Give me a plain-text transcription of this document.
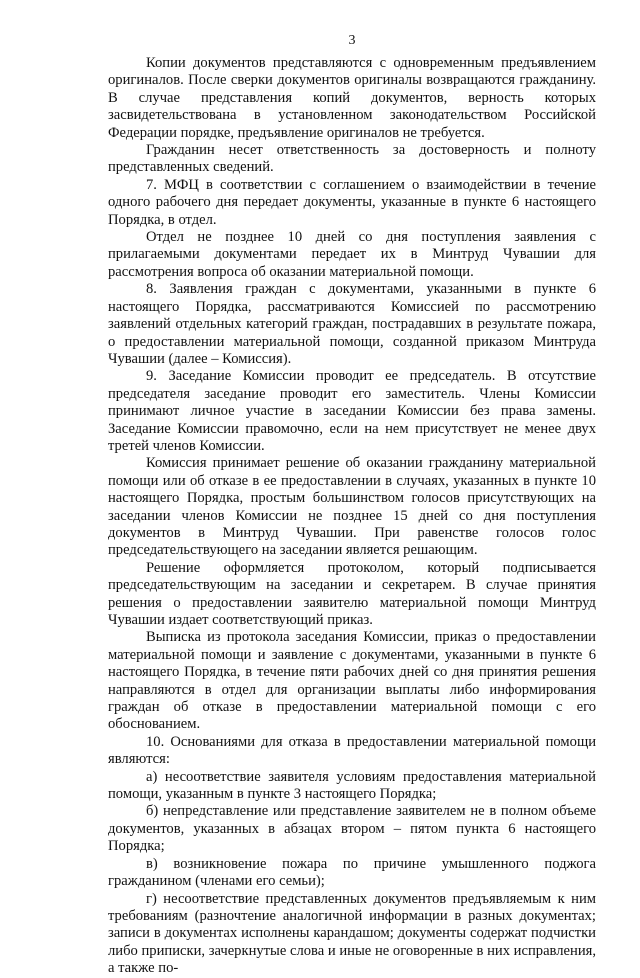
3

Копии документов представляются с одновременным предъявлением оригиналов. После сверки документов оригиналы возвращаются гражданину. В случае представления копий документов, верность которых засвидетельствована в установленном законодательством Российской Федерации порядке, предъявление оригиналов не требуется.

Гражданин несет ответственность за достоверность и полноту представленных сведений.

7. МФЦ в соответствии с соглашением о взаимодействии в течение одного рабочего дня передает документы, указанные в пункте 6 настоящего Порядка, в отдел.

Отдел не позднее 10 дней со дня поступления заявления с прилагаемыми документами передает их в Минтруд Чувашии для рассмотрения вопроса об оказании материальной помощи.

8. Заявления граждан с документами, указанными в пункте 6 настоящего Порядка, рассматриваются Комиссией по рассмотрению заявлений отдельных категорий граждан, пострадавших в результате пожара, о предоставлении материальной помощи, созданной приказом Минтруда Чувашии (далее – Комиссия).

9. Заседание Комиссии проводит ее председатель. В отсутствие председателя заседание проводит его заместитель. Члены Комиссии принимают личное участие в заседании Комиссии без права замены. Заседание Комиссии правомочно, если на нем присутствует не менее двух третей членов Комиссии.

Комиссия принимает решение об оказании гражданину материальной помощи или об отказе в ее предоставлении в случаях, указанных в пункте 10 настоящего Порядка, простым большинством голосов присутствующих на заседании членов Комиссии не позднее 15 дней со дня поступления документов в Минтруд Чувашии. При равенстве голосов голос председательствующего на заседании является решающим.

Решение оформляется протоколом, который подписывается председательствующим на заседании и секретарем. В случае принятия решения о предоставлении заявителю материальной помощи Минтруд Чувашии издает соответствующий приказ.

Выписка из протокола заседания Комиссии, приказ о предоставлении материальной помощи и заявление с документами, указанными в пункте 6 настоящего Порядка, в течение пяти рабочих дней со дня принятия решения направляются в отдел для организации выплаты либо информирования граждан об отказе в предоставлении материальной помощи с его обоснованием.

10. Основаниями для отказа в предоставлении материальной помощи являются:

а) несоответствие заявителя условиям предоставления материальной помощи, указанным в пункте 3 настоящего Порядка;

б) непредставление или представление заявителем не в полном объеме документов, указанных в абзацах втором – пятом пункта 6 настоящего Порядка;

в) возникновение пожара по причине умышленного поджога гражданином (членами его семьи);

г) несоответствие представленных документов предъявляемым к ним требованиям (разночтение аналогичной информации в разных документах; записи в документах исполнены карандашом; документы содержат подчистки либо приписки, зачеркнутые слова и иные не оговоренные в них исправления, а также по-
